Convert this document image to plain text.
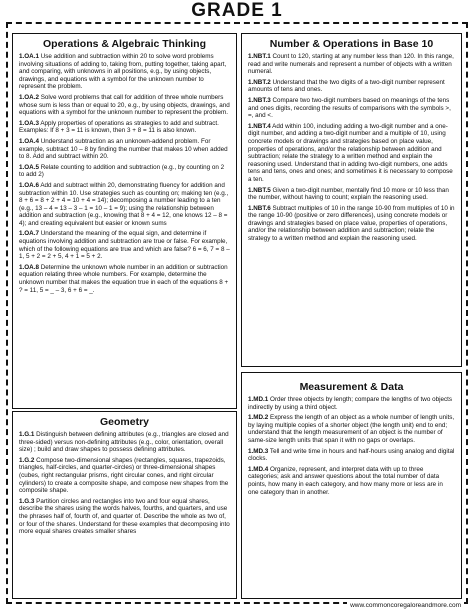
GRADE 1
Operations & Algebraic Thinking
1.OA.1 Use addition and subtraction within 20 to solve word problems involving situations of adding to, taking from, putting together, taking apart, and comparing, with unknowns in all positions, e.g., by using objects, drawings, and equations with a symbol for the unknown number to represent the problem.
1.OA.2 Solve word problems that call for addition of three whole numbers whose sum is less than or equal to 20, e.g., by using objects, drawings, and equations with a symbol for the unknown number to represent the problem.
1.OA.3 Apply properties of operations as strategies to add and subtract. Examples: If 8 + 3 = 11 is known, then 3 + 8 = 11 is also known.
1.OA.4 Understand subtraction as an unknown-addend problem. For example, subtract 10 – 8 by finding the number that makes 10 when added to 8. Add and subtract within 20.
1.OA.5 Relate counting to addition and subtraction (e.g., by counting on 2 to add 2)
1.OA.6 Add and subtract within 20, demonstrating fluency for addition and subtraction within 10. Use strategies such as counting on; making ten (e.g., 8 + 6 = 8 + 2 + 4 = 10 + 4 = 14); decomposing a number leading to a ten (e.g., 13 – 4 = 13 – 3 – 1 = 10 – 1 = 9); using the relationship between addition and subtraction (e.g., knowing that 8 + 4 = 12, one knows 12 – 8 = 4); and creating equivalent but easier or known sums
1.OA.7 Understand the meaning of the equal sign, and determine if equations involving addition and subtraction are true or false. For example, which of the following equations are true and which are false? 6 = 6, 7 = 8 – 1, 5 + 2 = 2 + 5, 4 + 1 = 5 + 2.
1.OA.8 Determine the unknown whole number in an addition or subtraction equation relating three whole numbers. For example, determine the unknown number that makes the equation true in each of the equations 8 + ? = 11, 5 = _ – 3, 6 + 6 = _.
Geometry
1.G.1 Distinguish between defining attributes (e.g., triangles are closed and three-sided) versus non-defining attributes (e.g., color, orientation, overall size) ; build and draw shapes to possess defining attributes.
1.G.2 Compose two-dimensional shapes (rectangles, squares, trapezoids, triangles, half-circles, and quarter-circles) or three-dimensional shapes (cubes, right rectangular prisms, right circular cones, and right circular cylinders) to create a composite shape, and compose new shapes from the composite shape.
1.G.3 Partition circles and rectangles into two and four equal shares, describe the shares using the words halves, fourths, and quarters, and use the phrases half of, fourth of, and quarter of. Describe the whole as two of, or four of the shares. Understand for these examples that decomposing into more equal shares creates smaller shares
Number & Operations in Base 10
1.NBT.1 Count to 120, starting at any number less than 120. In this range, read and write numerals and represent a number of objects with a written numeral.
1.NBT.2 Understand that the two digits of a two-digit number represent amounts of tens and ones.
1.NBT.3 Compare two two-digit numbers based on meanings of the tens and ones digits, recording the results of comparisons with the symbols >, =, and <.
1.NBT.4 Add within 100, including adding a two-digit number and a one-digit number, and adding a two-digit number and a multiple of 10, using concrete models or drawings and strategies based on place value, properties of operations, and/or the relationship between addition and subtraction; relate the strategy to a written method and explain the reasoning used. Understand that in adding two-digit numbers, one adds tens and tens, ones and ones; and sometimes it is necessary to compose a ten.
1.NBT.5 Given a two-digit number, mentally find 10 more or 10 less than the number, without having to count; explain the reasoning used.
1.NBT.6 Subtract multiples of 10 in the range 10-90 from multiples of 10 in the range 10-90 (positive or zero differences), using concrete models or drawings and strategies based on place value, properties of operations, and/or the relationship between addition and subtraction; relate the strategy to a written method and explain the reasoning used.
Measurement & Data
1.MD.1 Order three objects by length; compare the lengths of two objects indirectly by using a third object.
1.MD.2 Express the length of an object as a whole number of length units, by laying multiple copies of a shorter object (the length unit) end to end; understand that the length measurement of an object is the number of same-size length units that span it with no gaps or overlaps.
1.MD.3 Tell and write time in hours and half-hours using analog and digital clocks.
1.MD.4 Organize, represent, and interpret data with up to three categories; ask and answer questions about the total number of data points, how many in each category, and how many more or less are in one category than in another.
www.commoncoregaloreandmore.com
